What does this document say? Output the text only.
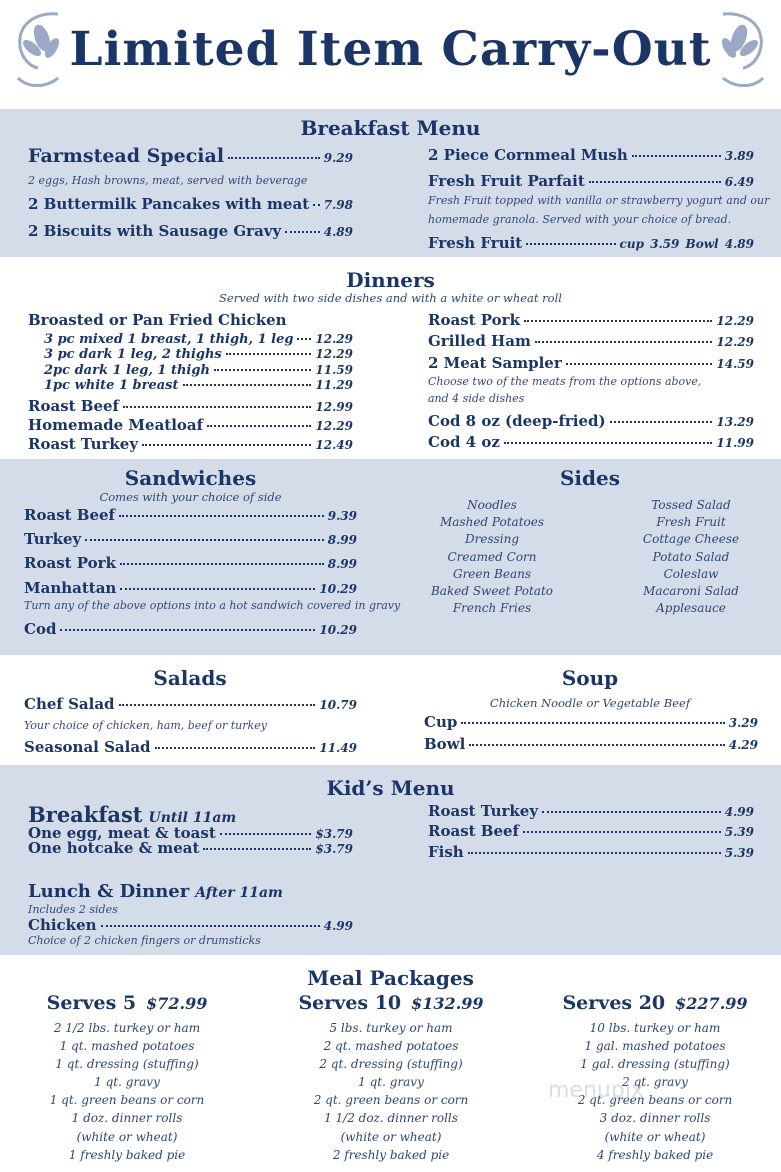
Limited Item Carry-Out
Breakfast Menu
Farmstead Special	9.29
2 eggs, Hash browns, meat, served with beverage
2 Buttermilk Pancakes with meat 7.98
2 Biscuits with Sausage Gravy	4.89
2 Piece Cornmeal Mush	3.89
Fresh Fruit Parfait	6.49
Fresh Fruit topped with vanilla or strawberry yogurt and our
homemade granola. Served with your choice of bread.
Fresh Fruit	cup 3.59 Bowl 4.89
Dinners
Served with two side dishes and with a white or wheat roll
Broasted or Pan Fried Chicken
3 pc mixed 1 breast, 1 thigh, 1 leg 12.29
3 pc dark 1 leg, 2 thighs	12.29
2pc dark 1 leg, 1 thigh	11.59
1pc white 1 breast	11.29
Roast Beef	12.99
Homemade Meatloaf	12.29
Roast Turkey	12.49
Roast Pork	12.29
Grilled Ham	12.29
2 Meat Sampler	14.59
Choose two of the meats from the options above,
and 4 side dishes
Cod 8 oz (deep-fried)	13.29
Cod 4 oz	11.99
Sandwiches
Comes with your choice of side
Roast Beef	9.39
Turkey	8.99
Roast Pork	8.99
Manhattan	10.29
Turn any of the above options into a hot sandwich covered in gravy
Cod	10.29
Sides
Noodles
Mashed Potatoes
Dressing
Creamed Corn
Green Beans
Baked Sweet Potato
French Fries
Tossed Salad
Fresh Fruit
Cottage Cheese
Potato Salad
Coleslaw
Macaroni Salad
Applesauce
Salads
Chef Salad	10.79
Your choice of chicken, ham, beef or turkey
Seasonal Salad	11.49
Soup
Chicken Noodle or Vegetable Beef
Cup	3.29
Bowl	4.29
Kid’s Menu
Breakfast Until 11am
One egg, meat & toast	$3.79
One hotcake & meat	$3.79
Lunch & Dinner After 11am
Includes 2 sides
Chicken	4.99
Choice of 2 chicken fingers or drumsticks
Roast Turkey	4.99
Roast Beef	5.39
Fish	5.39
Meal Packages
Serves 5 $72.99
2 1/2 lbs. turkey or ham
1 qt. mashed potatoes
1 qt. dressing (stuffing)
1 qt. gravy
1 qt. green beans or corn
1 doz. dinner rolls
(white or wheat)
1 freshly baked pie
Serves 10 $132.99
5 lbs. turkey or ham
2 qt. mashed potatoes
2 qt. dressing (stuffing)
1 qt. gravy
2 qt. green beans or corn
1 1/2 doz. dinner rolls
(white or wheat)
2 freshly baked pie
Serves 20 $227.99
10 lbs. turkey or ham
1 gal. mashed potatoes
1 gal. dressing (stuffing)
2 qt. gravy
2 qt. green beans or corn
3 doz. dinner rolls
(white or wheat)
4 freshly baked pie
menupix
